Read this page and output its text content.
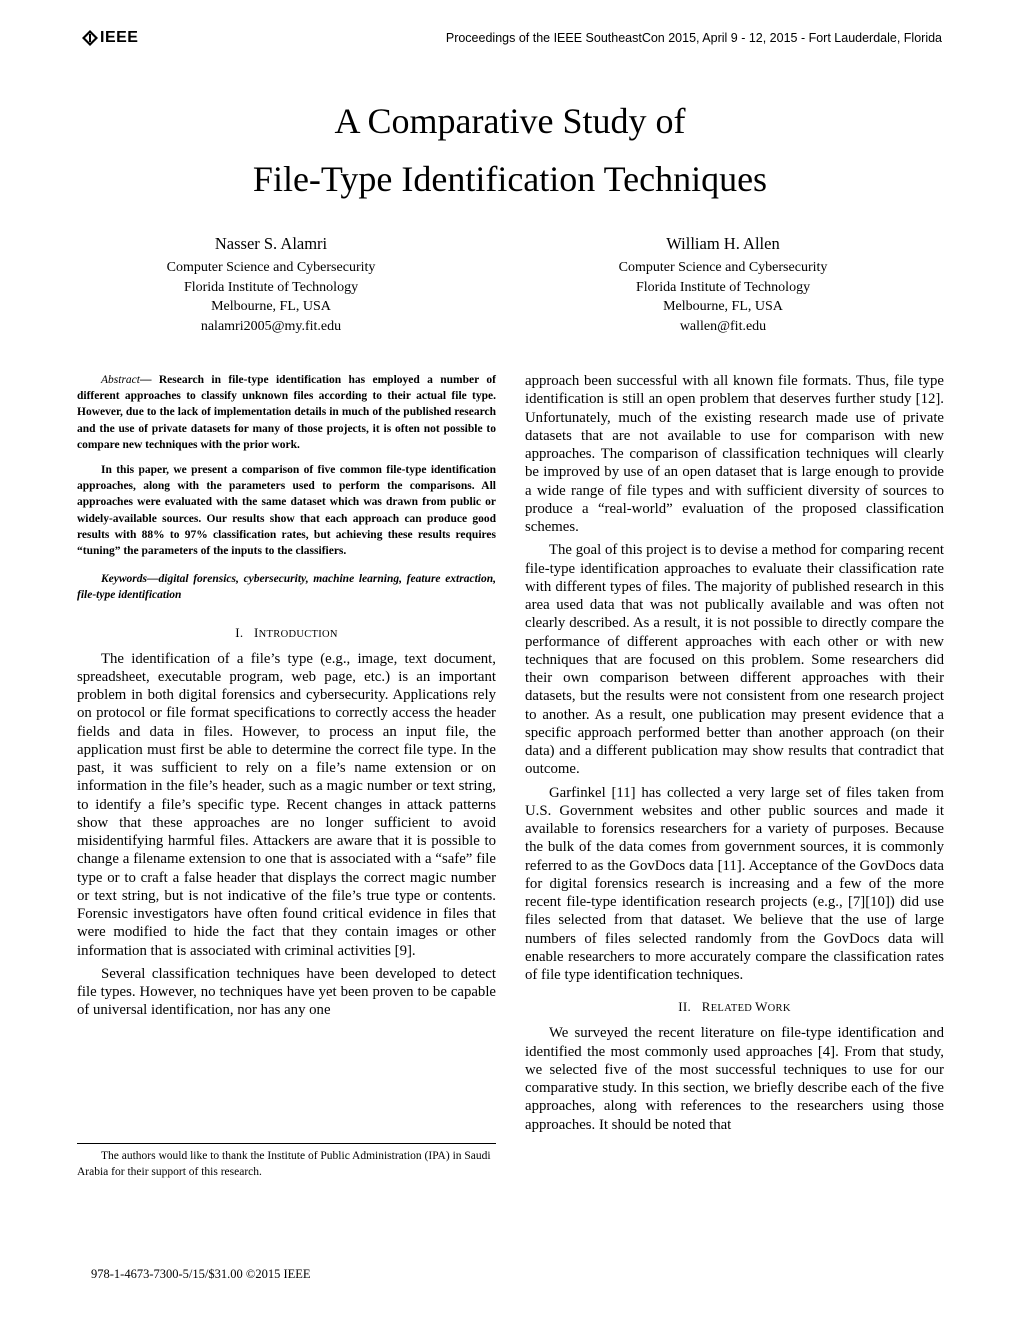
IEEE	Proceedings of the IEEE SoutheastCon 2015, April 9 - 12, 2015 - Fort Lauderdale, Florida
A Comparative Study of
File-Type Identification Techniques
Nasser S. Alamri
Computer Science and Cybersecurity
Florida Institute of Technology
Melbourne, FL, USA
nalamri2005@my.fit.edu
William H. Allen
Computer Science and Cybersecurity
Florida Institute of Technology
Melbourne, FL, USA
wallen@fit.edu

Abstract— Research in file-type identification has employed a number of different approaches to classify unknown files according to their actual file type. However, due to the lack of implementation details in much of the published research and the use of private datasets for many of those projects, it is often not possible to compare new techniques with the prior work.

In this paper, we present a comparison of five common file-type identification approaches, along with the parameters used to perform the comparisons. All approaches were evaluated with the same dataset which was drawn from public or widely-available sources. Our results show that each approach can produce good results with 88% to 97% classification rates, but achieving these results requires “tuning” the parameters of the inputs to the classifiers.

Keywords—digital forensics, cybersecurity, machine learning, feature extraction, file-type identification

I. INTRODUCTION

The identification of a file’s type (e.g., image, text document, spreadsheet, executable program, web page, etc.) is an important problem in both digital forensics and cybersecurity. Applications rely on protocol or file format specifications to correctly access the header fields and data in files. However, to process an input file, the application must first be able to determine the correct file type. In the past, it was sufficient to rely on a file’s name extension or on information in the file’s header, such as a magic number or text string, to identify a file’s specific type. Recent changes in attack patterns show that these approaches are no longer sufficient to avoid misidentifying harmful files. Attackers are aware that it is possible to change a filename extension to one that is associated with a “safe” file type or to craft a false header that displays the correct magic number or text string, but is not indicative of the file’s true type or contents. Forensic investigators have often found critical evidence in files that were modified to hide the fact that they contain images or other information that is associated with criminal activities [9].

Several classification techniques have been developed to detect file types. However, no techniques have yet been proven to be capable of universal identification, nor has any one

The authors would like to thank the Institute of Public Administration (IPA) in Saudi Arabia for their support of this research.

approach been successful with all known file formats. Thus, file type identification is still an open problem that deserves further study [12]. Unfortunately, much of the existing research made use of private datasets that are not available to use for comparison with new approaches. The comparison of classification techniques will clearly be improved by use of an open dataset that is large enough to provide a wide range of file types and with sufficient diversity of sources to produce a “real-world” evaluation of the proposed classification schemes.

The goal of this project is to devise a method for comparing recent file-type identification approaches to evaluate their classification rate with different types of files. The majority of published research in this area used data that was not publically available and was often not clearly described. As a result, it is not possible to directly compare the performance of different approaches with each other or with new techniques that are focused on this problem. Some researchers did their own comparison between different approaches with their datasets, but the results were not consistent from one research project to another. As a result, one publication may present evidence that a specific approach performed better than another approach (on their data) and a different publication may show results that contradict that outcome.

Garfinkel [11] has collected a very large set of files taken from U.S. Government websites and other public sources and made it available to forensics researchers for a variety of purposes. Because the bulk of the data comes from government sources, it is commonly referred to as the GovDocs data [11]. Acceptance of the GovDocs data for digital forensics research is increasing and a few of the more recent file-type identification research projects (e.g., [7][10]) did use files selected from that dataset. We believe that the use of large numbers of files selected randomly from the GovDocs data will enable researchers to more accurately compare the classification rates of file type identification techniques.

II. RELATED WORK

We surveyed the recent literature on file-type identification and identified the most commonly used approaches [4]. From that study, we selected five of the most successful techniques to use for our comparative study. In this section, we briefly describe each of the five approaches, along with references to the researchers using those approaches. It should be noted that

978-1-4673-7300-5/15/$31.00 ©2015 IEEE
